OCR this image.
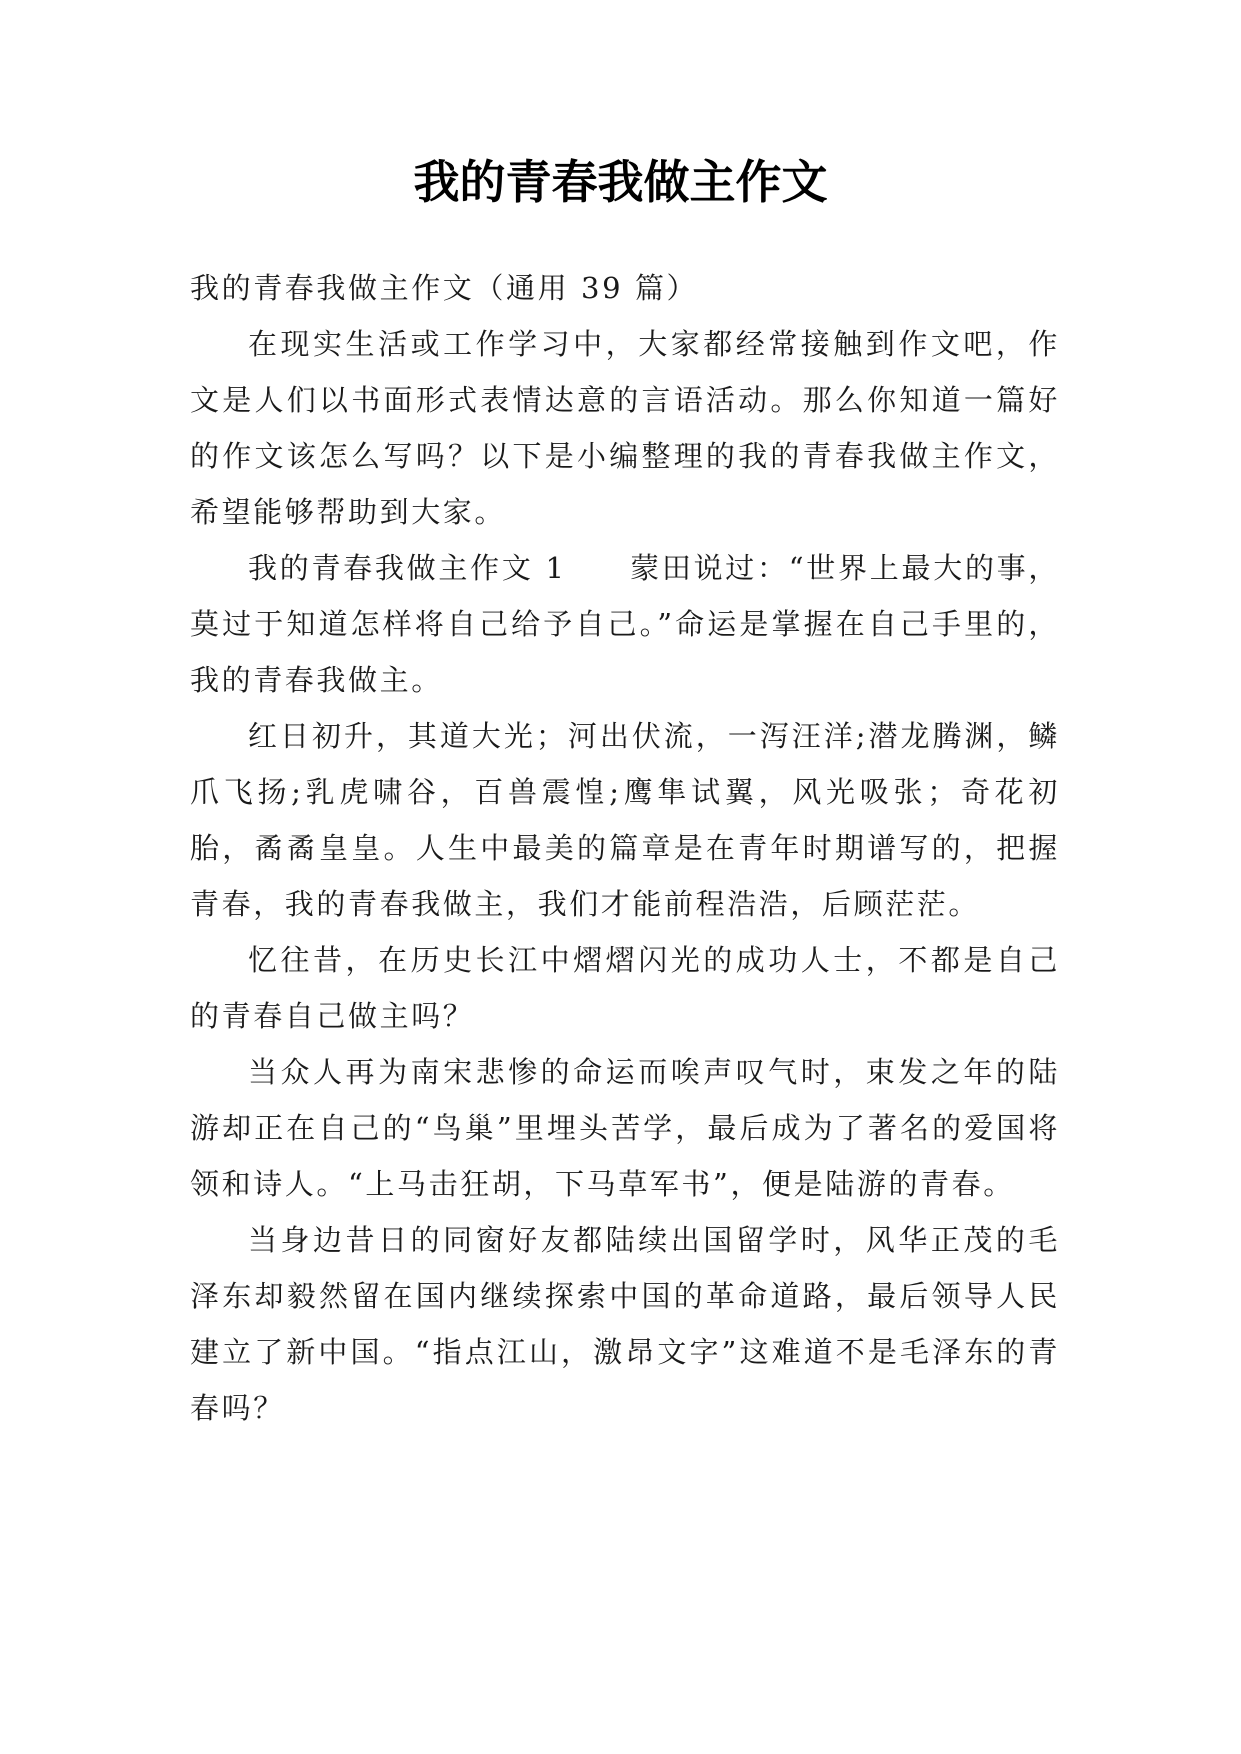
我的青春我做主作文

我的青春我做主作文（通用 39 篇）

在现实生活或工作学习中，大家都经常接触到作文吧，作文是人们以书面形式表情达意的言语活动。那么你知道一篇好的作文该怎么写吗？以下是小编整理的我的青春我做主作文，希望能够帮助到大家。

我的青春我做主作文 1　　蒙田说过：“世界上最大的事，莫过于知道怎样将自己给予自己。”命运是掌握在自己手里的，我的青春我做主。

红日初升，其道大光；河出伏流，一泻汪洋;潜龙腾渊，鳞爪飞扬;乳虎啸谷，百兽震惶;鹰隼试翼，风光吸张；奇花初胎，矞矞皇皇。人生中最美的篇章是在青年时期谱写的，把握青春，我的青春我做主，我们才能前程浩浩，后顾茫茫。

忆往昔，在历史长江中熠熠闪光的成功人士，不都是自己的青春自己做主吗？

当众人再为南宋悲惨的命运而唉声叹气时，束发之年的陆游却正在自己的“鸟巢”里埋头苦学，最后成为了著名的爱国将领和诗人。“上马击狂胡，下马草军书”，便是陆游的青春。

当身边昔日的同窗好友都陆续出国留学时，风华正茂的毛泽东却毅然留在国内继续探索中国的革命道路，最后领导人民建立了新中国。“指点江山，激昂文字”这难道不是毛泽东的青春吗？
